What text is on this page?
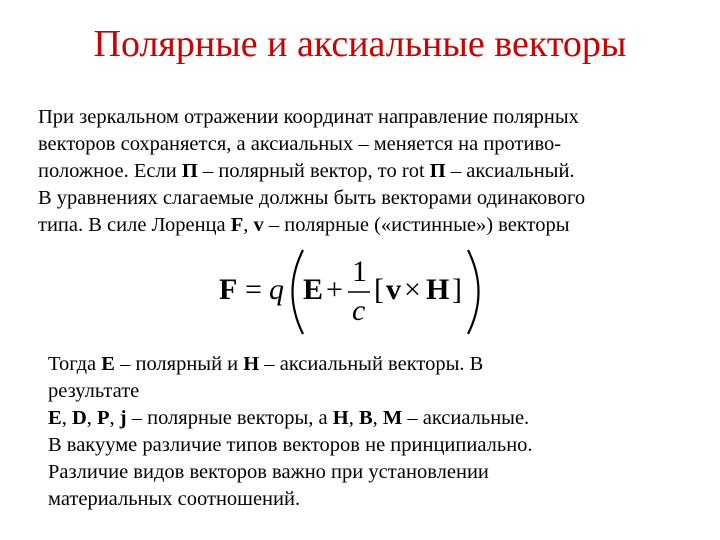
Полярные и аксиальные векторы
При зеркальном отражении координат направление полярных
векторов сохраняется, а аксиальных – меняется на противо-
положное. Если П – полярный вектор, то rot П – аксиальный.
В уравнениях слагаемые должны быть векторами одинакового
типа. В силе Лоренца F, v – полярные («истинные») векторы
F = q E +
1
c
[ v × H ]
Тогда E – полярный и H – аксиальный векторы. В
результате
E, D, P, j – полярные векторы, а H, B, M – аксиальные.
В вакууме различие типов векторов не принципиально.
Различие видов векторов важно при установлении
материальных соотношений.
